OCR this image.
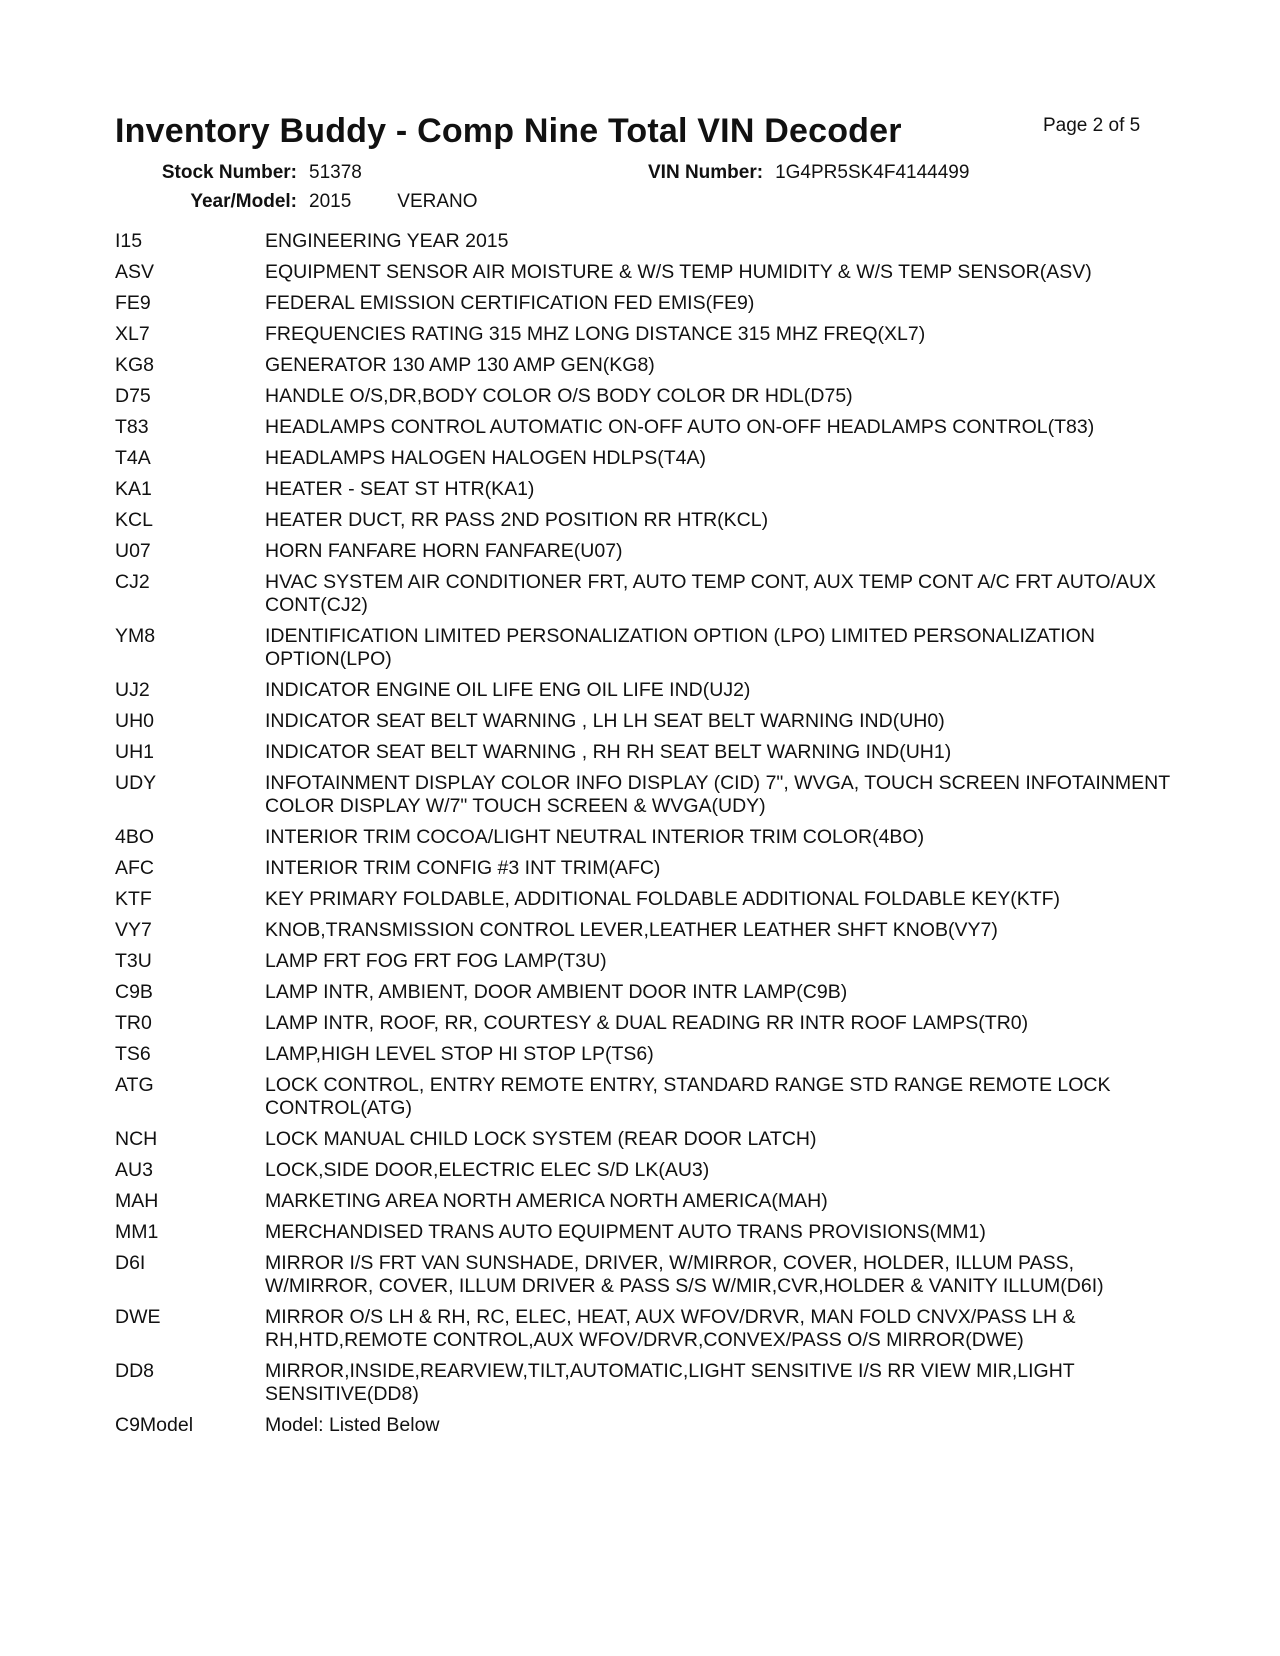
Inventory Buddy - Comp Nine Total VIN Decoder	Page 2 of 5
Stock Number: 51378	VIN Number: 1G4PR5SK4F4144499
Year/Model: 2015 VERANO
I15	ENGINEERING YEAR 2015
ASV	EQUIPMENT SENSOR AIR MOISTURE & W/S TEMP HUMIDITY & W/S TEMP SENSOR(ASV)
FE9	FEDERAL EMISSION CERTIFICATION FED EMIS(FE9)
XL7	FREQUENCIES RATING 315 MHZ LONG DISTANCE 315 MHZ FREQ(XL7)
KG8	GENERATOR 130 AMP 130 AMP GEN(KG8)
D75	HANDLE O/S,DR,BODY COLOR O/S BODY COLOR DR HDL(D75)
T83	HEADLAMPS CONTROL AUTOMATIC ON-OFF AUTO ON-OFF HEADLAMPS CONTROL(T83)
T4A	HEADLAMPS HALOGEN HALOGEN HDLPS(T4A)
KA1	HEATER - SEAT ST HTR(KA1)
KCL	HEATER DUCT, RR PASS 2ND POSITION RR HTR(KCL)
U07	HORN FANFARE HORN FANFARE(U07)
CJ2	HVAC SYSTEM AIR CONDITIONER FRT, AUTO TEMP CONT, AUX TEMP CONT A/C FRT AUTO/AUX CONT(CJ2)
YM8	IDENTIFICATION LIMITED PERSONALIZATION OPTION (LPO) LIMITED PERSONALIZATION OPTION(LPO)
UJ2	INDICATOR ENGINE OIL LIFE ENG OIL LIFE IND(UJ2)
UH0	INDICATOR SEAT BELT WARNING , LH LH SEAT BELT WARNING IND(UH0)
UH1	INDICATOR SEAT BELT WARNING , RH RH SEAT BELT WARNING IND(UH1)
UDY	INFOTAINMENT DISPLAY COLOR INFO DISPLAY (CID) 7", WVGA, TOUCH SCREEN INFOTAINMENT COLOR DISPLAY W/7" TOUCH SCREEN & WVGA(UDY)
4BO	INTERIOR TRIM COCOA/LIGHT NEUTRAL INTERIOR TRIM COLOR(4BO)
AFC	INTERIOR TRIM CONFIG #3 INT TRIM(AFC)
KTF	KEY PRIMARY FOLDABLE, ADDITIONAL FOLDABLE ADDITIONAL FOLDABLE KEY(KTF)
VY7	KNOB,TRANSMISSION CONTROL LEVER,LEATHER LEATHER SHFT KNOB(VY7)
T3U	LAMP FRT FOG FRT FOG LAMP(T3U)
C9B	LAMP INTR, AMBIENT, DOOR AMBIENT DOOR INTR LAMP(C9B)
TR0	LAMP INTR, ROOF, RR, COURTESY & DUAL READING RR INTR ROOF LAMPS(TR0)
TS6	LAMP,HIGH LEVEL STOP HI STOP LP(TS6)
ATG	LOCK CONTROL, ENTRY REMOTE ENTRY, STANDARD RANGE STD RANGE REMOTE LOCK CONTROL(ATG)
NCH	LOCK MANUAL CHILD LOCK SYSTEM (REAR DOOR LATCH)
AU3	LOCK,SIDE DOOR,ELECTRIC ELEC S/D LK(AU3)
MAH	MARKETING AREA NORTH AMERICA NORTH AMERICA(MAH)
MM1	MERCHANDISED TRANS AUTO EQUIPMENT AUTO TRANS PROVISIONS(MM1)
D6I	MIRROR I/S FRT VAN SUNSHADE, DRIVER, W/MIRROR, COVER, HOLDER, ILLUM PASS, W/MIRROR, COVER, ILLUM DRIVER & PASS S/S W/MIR,CVR,HOLDER & VANITY ILLUM(D6I)
DWE	MIRROR O/S LH & RH, RC, ELEC, HEAT, AUX WFOV/DRVR, MAN FOLD CNVX/PASS LH & RH,HTD,REMOTE CONTROL,AUX WFOV/DRVR,CONVEX/PASS O/S MIRROR(DWE)
DD8	MIRROR,INSIDE,REARVIEW,TILT,AUTOMATIC,LIGHT SENSITIVE I/S RR VIEW MIR,LIGHT SENSITIVE(DD8)
C9Model	Model: Listed Below
